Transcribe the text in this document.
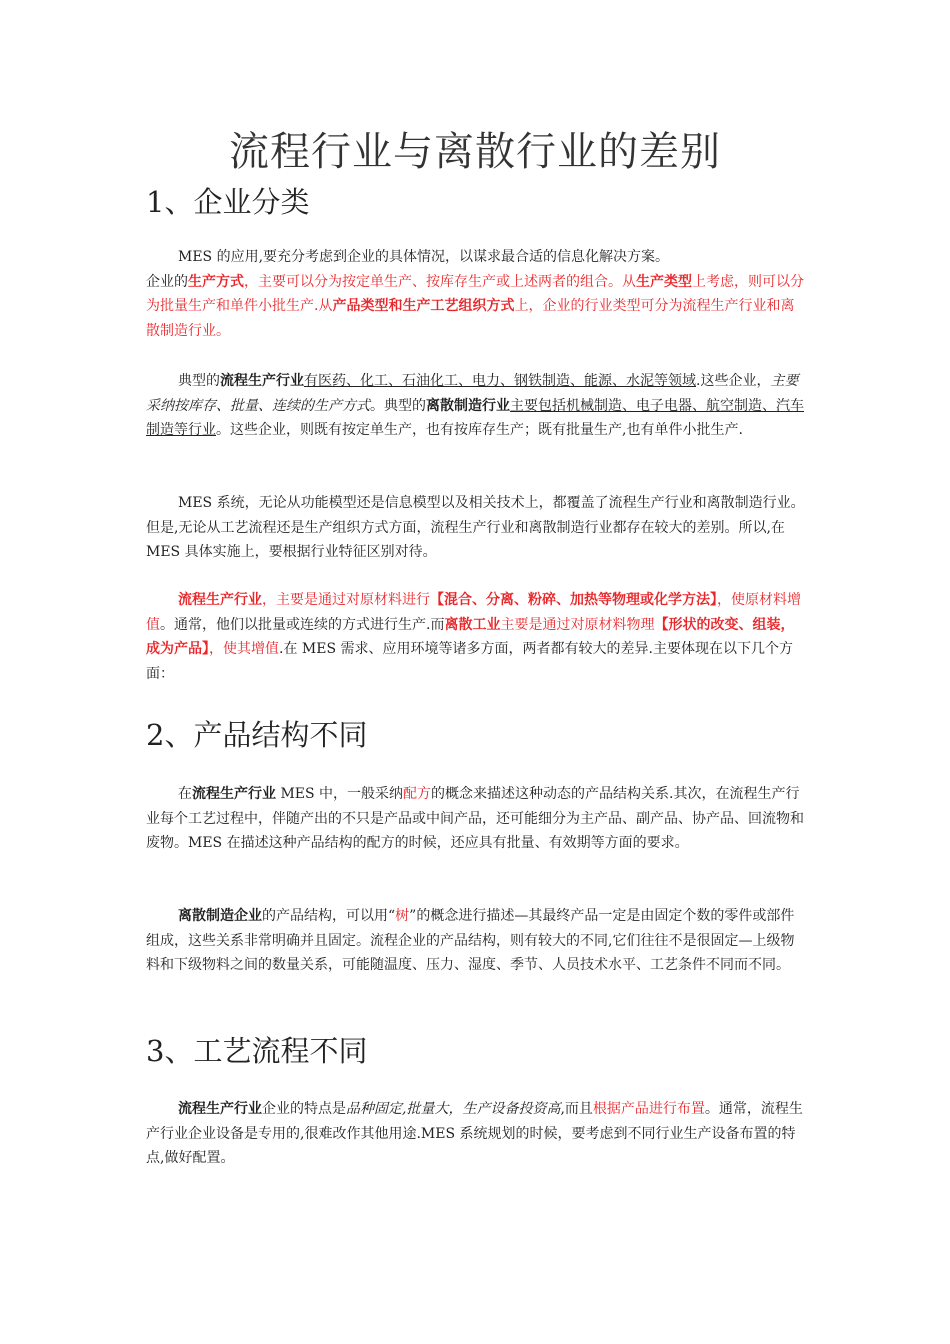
流程行业与离散行业的差别
1、企业分类

MES 的应用,要充分考虑到企业的具体情况，以谋求最合适的信息化解决方案。

企业的生产方式，主要可以分为按定单生产、按库存生产或上述两者的组合。从生产类型上考虑，则可以分为批量生产和单件小批生产.从产品类型和生产工艺组织方式上，企业的行业类型可分为流程生产行业和离散制造行业。

典型的流程生产行业有医药、化工、石油化工、电力、钢铁制造、能源、水泥等领域.这些企业，主要采纳按库存、批量、连续的生产方式。典型的离散制造行业主要包括机械制造、电子电器、航空制造、汽车制造等行业。这些企业，则既有按定单生产，也有按库存生产；既有批量生产,也有单件小批生产.

MES 系统，无论从功能模型还是信息模型以及相关技术上，都覆盖了流程生产行业和离散制造行业。但是,无论从工艺流程还是生产组织方式方面，流程生产行业和离散制造行业都存在较大的差别。所以,在 MES 具体实施上，要根据行业特征区别对待。

流程生产行业，主要是通过对原材料进行【混合、分离、粉碎、加热等物理或化学方法】，使原材料增值。通常，他们以批量或连续的方式进行生产.而离散工业主要是通过对原材料物理【形状的改变、组装，成为产品】，使其增值.在 MES 需求、应用环境等诸多方面，两者都有较大的差异.主要体现在以下几个方面：

2、产品结构不同

在流程生产行业 MES 中，一般采纳配方的概念来描述这种动态的产品结构关系.其次，在流程生产行业每个工艺过程中，伴随产出的不只是产品或中间产品，还可能细分为主产品、副产品、协产品、回流物和废物。MES 在描述这种产品结构的配方的时候，还应具有批量、有效期等方面的要求。

离散制造企业的产品结构，可以用“树”的概念进行描述—其最终产品一定是由固定个数的零件或部件组成，这些关系非常明确并且固定。流程企业的产品结构，则有较大的不同,它们往往不是很固定—上级物料和下级物料之间的数量关系，可能随温度、压力、湿度、季节、人员技术水平、工艺条件不同而不同。

3、工艺流程不同

流程生产行业企业的特点是品种固定,批量大，生产设备投资高,而且根据产品进行布置。通常，流程生产行业企业设备是专用的,很难改作其他用途.MES 系统规划的时候，要考虑到不同行业生产设备布置的特点,做好配置。
